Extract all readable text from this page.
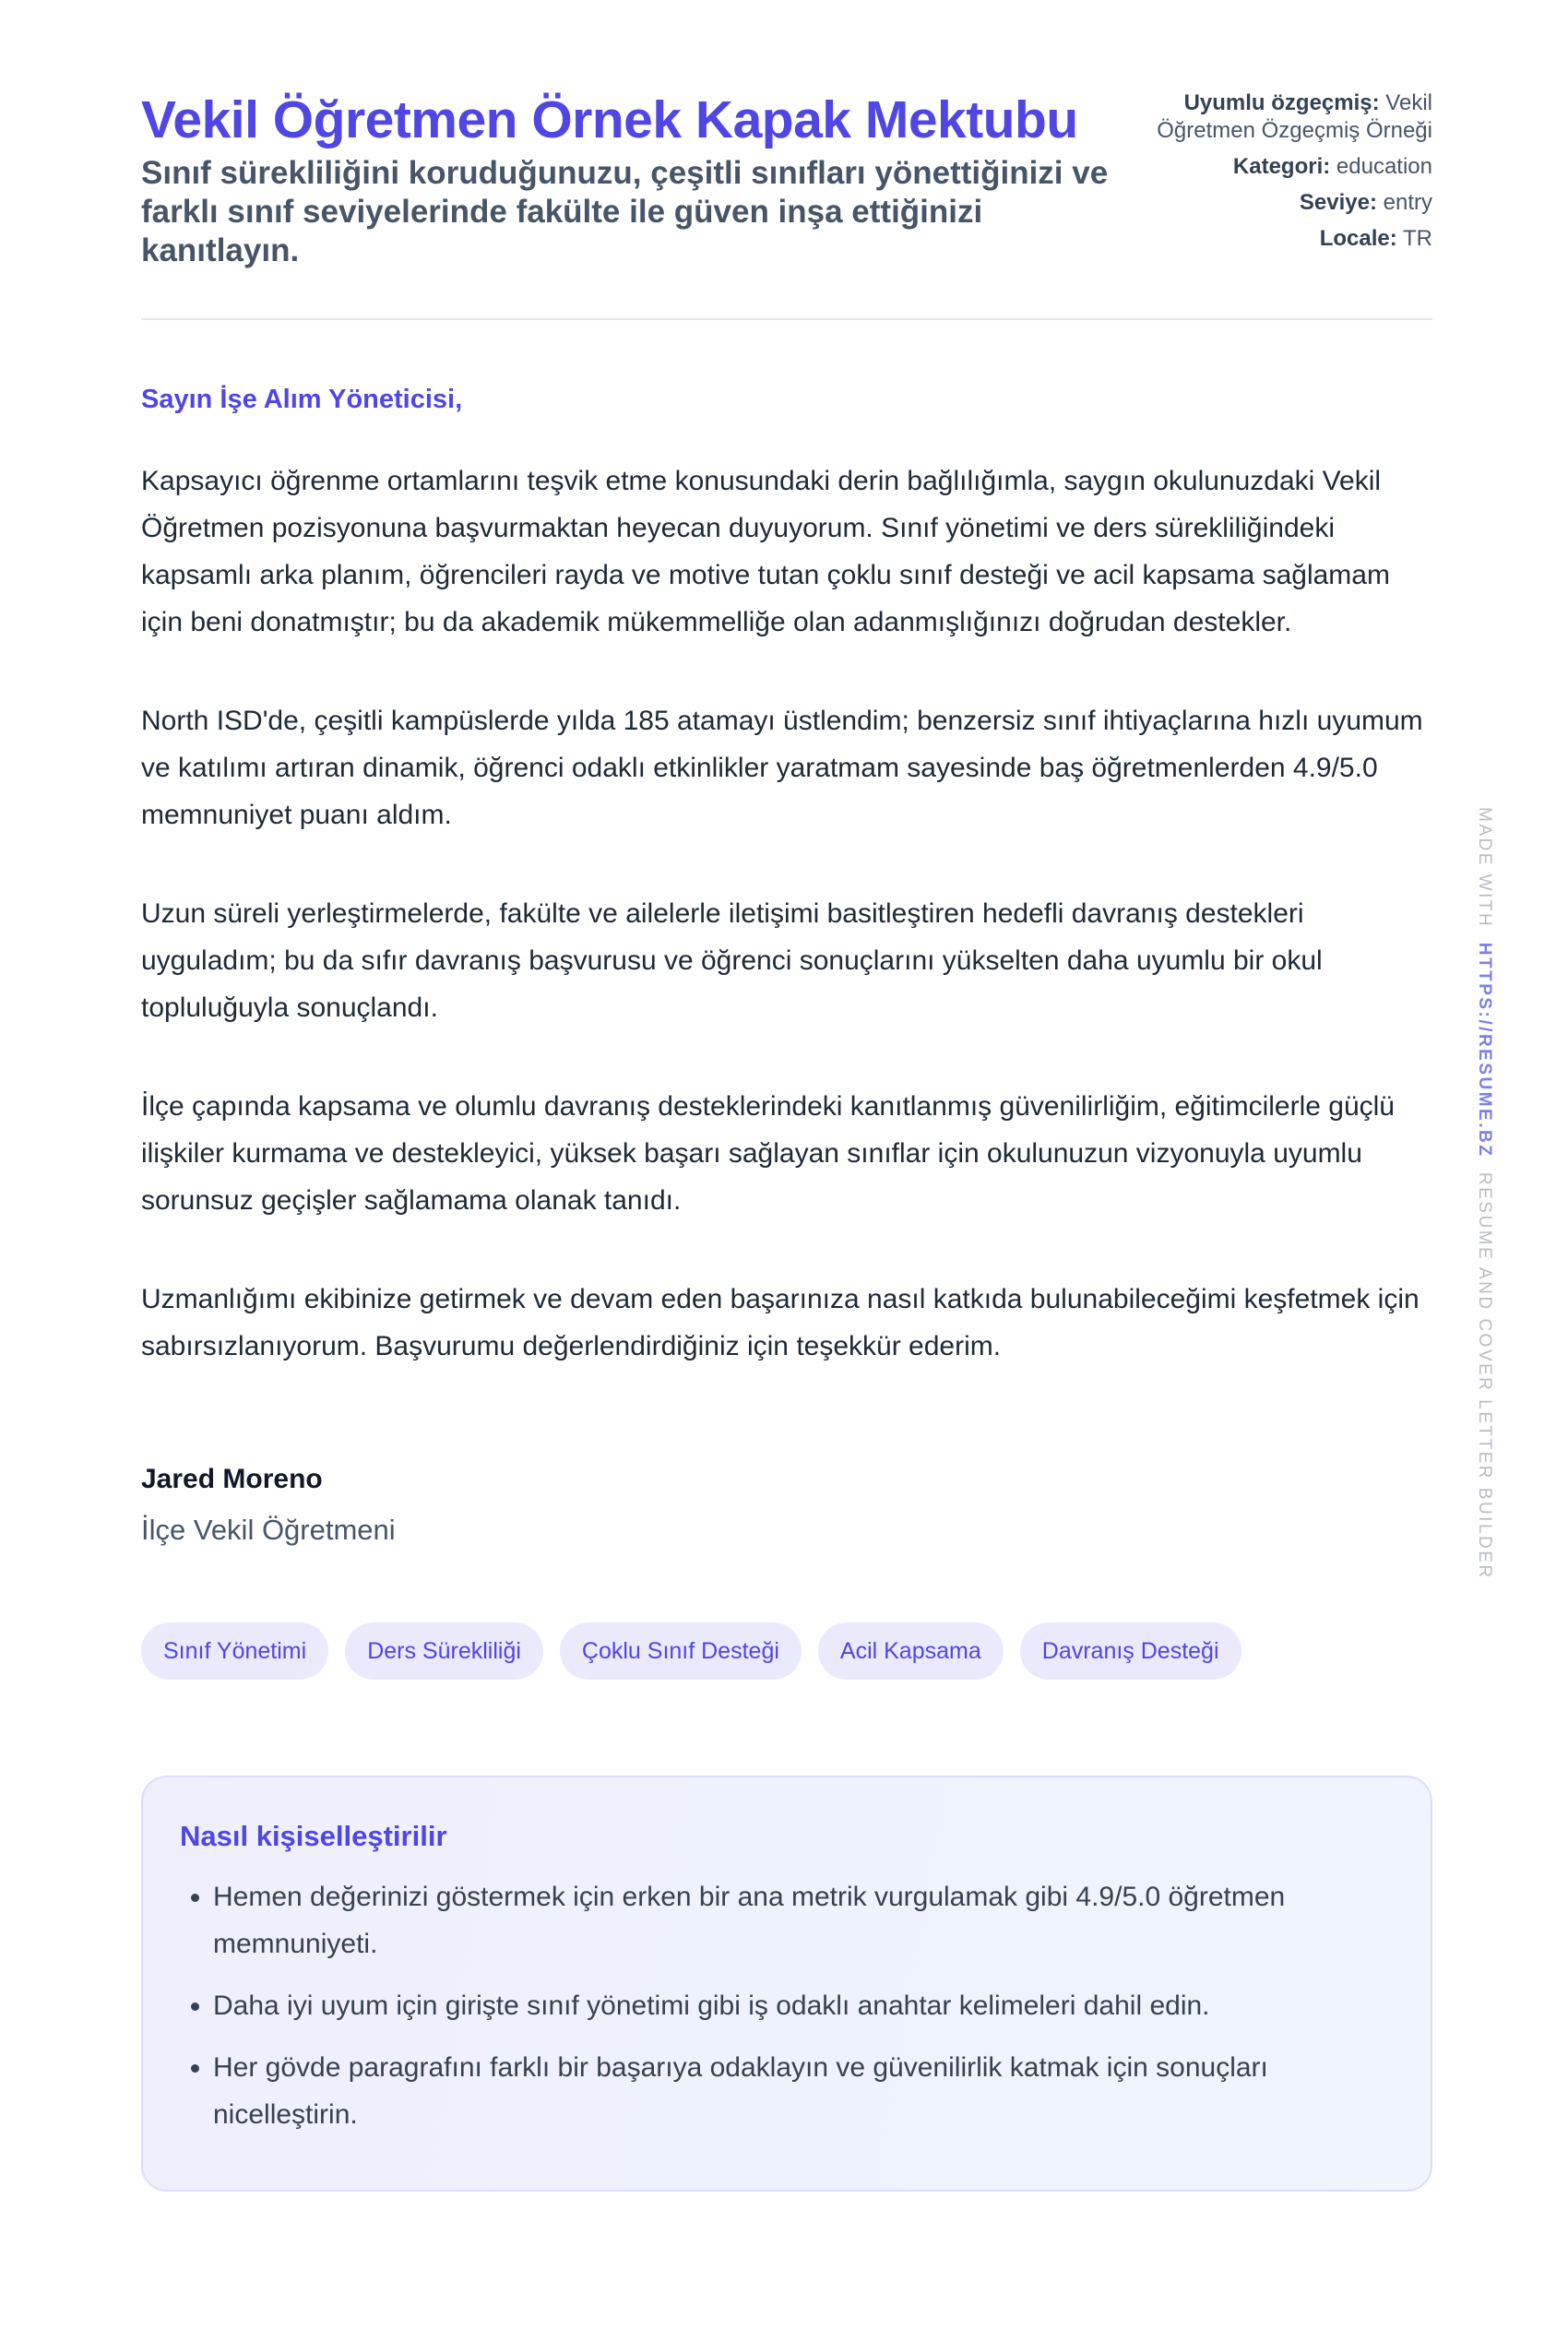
Vekil Öğretmen Örnek Kapak Mektubu
Sınıf sürekliliğini koruduğunuzu, çeşitli sınıfları yönettiğinizi ve farklı sınıf seviyelerinde fakülte ile güven inşa ettiğinizi kanıtlayın.
Uyumlu özgeçmiş: Vekil Öğretmen Özgeçmiş Örneği
Kategori: education
Seviye: entry
Locale: TR
Sayın İşe Alım Yöneticisi,

Kapsayıcı öğrenme ortamlarını teşvik etme konusundaki derin bağlılığımla, saygın okulunuzdaki Vekil Öğretmen pozisyonuna başvurmaktan heyecan duyuyorum. Sınıf yönetimi ve ders sürekliliğindeki kapsamlı arka planım, öğrencileri rayda ve motive tutan çoklu sınıf desteği ve acil kapsama sağlamam için beni donatmıştır; bu da akademik mükemmelliğe olan adanmışlığınızı doğrudan destekler.

North ISD'de, çeşitli kampüslerde yılda 185 atamayı üstlendim; benzersiz sınıf ihtiyaçlarına hızlı uyumum ve katılımı artıran dinamik, öğrenci odaklı etkinlikler yaratmam sayesinde baş öğretmenlerden 4.9/5.0 memnuniyet puanı aldım.

Uzun süreli yerleştirmelerde, fakülte ve ailelerle iletişimi basitleştiren hedefli davranış destekleri uyguladım; bu da sıfır davranış başvurusu ve öğrenci sonuçlarını yükselten daha uyumlu bir okul topluluğuyla sonuçlandı.

İlçe çapında kapsama ve olumlu davranış desteklerindeki kanıtlanmış güvenilirliğim, eğitimcilerle güçlü ilişkiler kurmama ve destekleyici, yüksek başarı sağlayan sınıflar için okulunuzun vizyonuyla uyumlu sorunsuz geçişler sağlamama olanak tanıdı.

Uzmanlığımı ekibinize getirmek ve devam eden başarınıza nasıl katkıda bulunabileceğimi keşfetmek için sabırsızlanıyorum. Başvurumu değerlendirdiğiniz için teşekkür ederim.

Jared Moreno
İlçe Vekil Öğretmeni
Sınıf Yönetimi	Ders Sürekliliği	Çoklu Sınıf Desteği	Acil Kapsama	Davranış Desteği
Nasıl kişiselleştirilir
• Hemen değerinizi göstermek için erken bir ana metrik vurgulamak gibi 4.9/5.0 öğretmen memnuniyeti.
• Daha iyi uyum için girişte sınıf yönetimi gibi iş odaklı anahtar kelimeleri dahil edin.
• Her gövde paragrafını farklı bir başarıya odaklayın ve güvenilirlik katmak için sonuçları nicelleştirin.
MADE WITH  HTTPS://RESUME.BZ  RESUME AND COVER LETTER BUILDER
